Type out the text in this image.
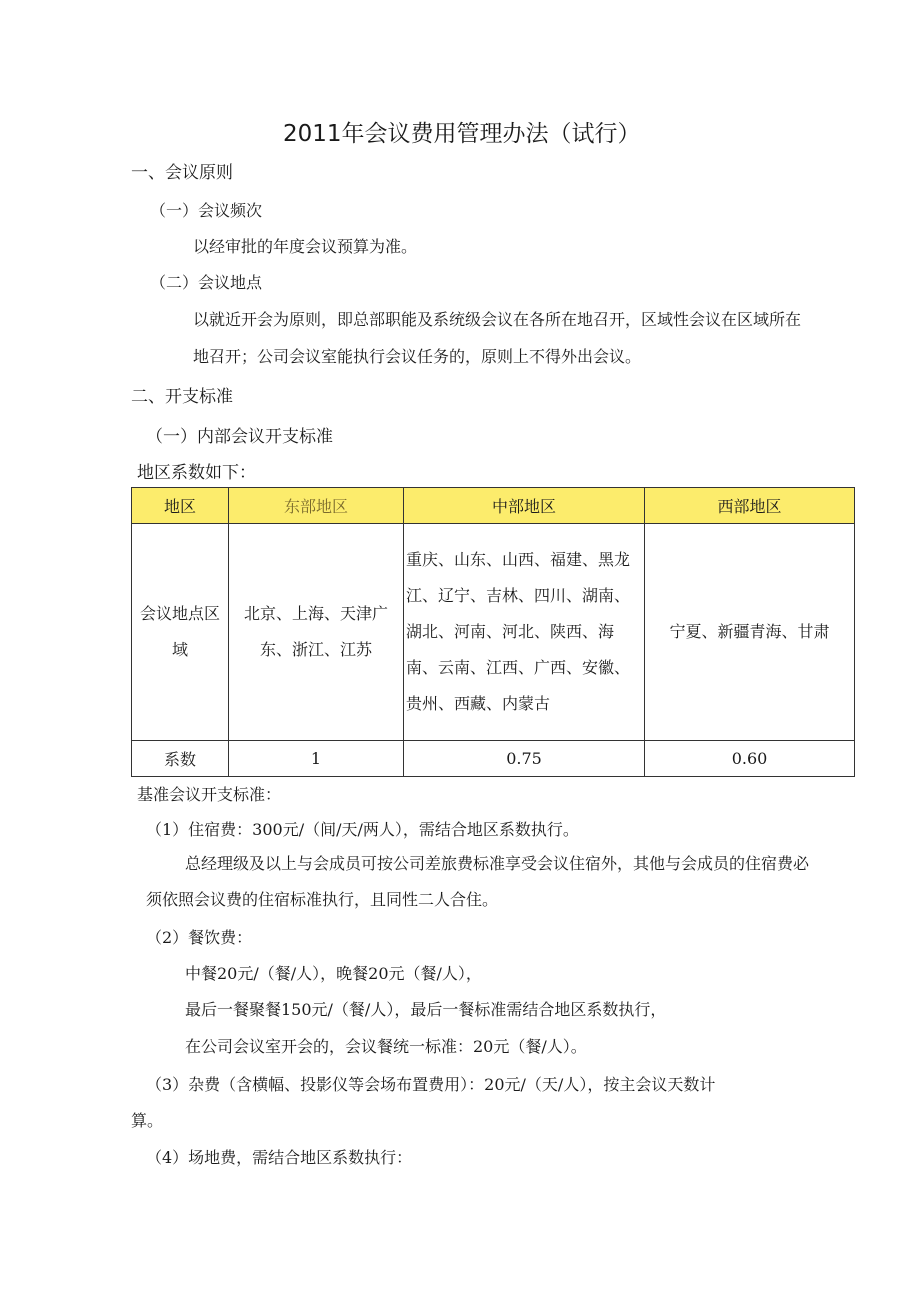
2011年会议费用管理办法（试行）
一、会议原则
（一）会议频次
以经审批的年度会议预算为准。
（二）会议地点
以就近开会为原则，即总部职能及系统级会议在各所在地召开，区域性会议在区域所在
地召开；公司会议室能执行会议任务的，原则上不得外出会议。
二、开支标准
（一）内部会议开支标准
地区系数如下：
地区	东部地区	中部地区	西部地区
会议地点区域	北京、上海、天津广东、浙江、江苏	重庆、山东、山西、福建、黑龙江、辽宁、吉林、四川、湖南、湖北、河南、河北、陕西、海南、云南、江西、广西、安徽、贵州、西藏、内蒙古	宁夏、新疆青海、甘肃
系数	1	0.75	0.60
基准会议开支标准：
（1）住宿费：300元/（间/天/两人），需结合地区系数执行。
总经理级及以上与会成员可按公司差旅费标准享受会议住宿外，其他与会成员的住宿费必
须依照会议费的住宿标准执行，且同性二人合住。
（2）餐饮费：
中餐20元/（餐/人），晚餐20元（餐/人），
最后一餐聚餐150元/（餐/人），最后一餐标准需结合地区系数执行，
在公司会议室开会的，会议餐统一标准：20元（餐/人）。
（3）杂费（含横幅、投影仪等会场布置费用）：20元/（天/人），按主会议天数计
算。
（4）场地费，需结合地区系数执行：
